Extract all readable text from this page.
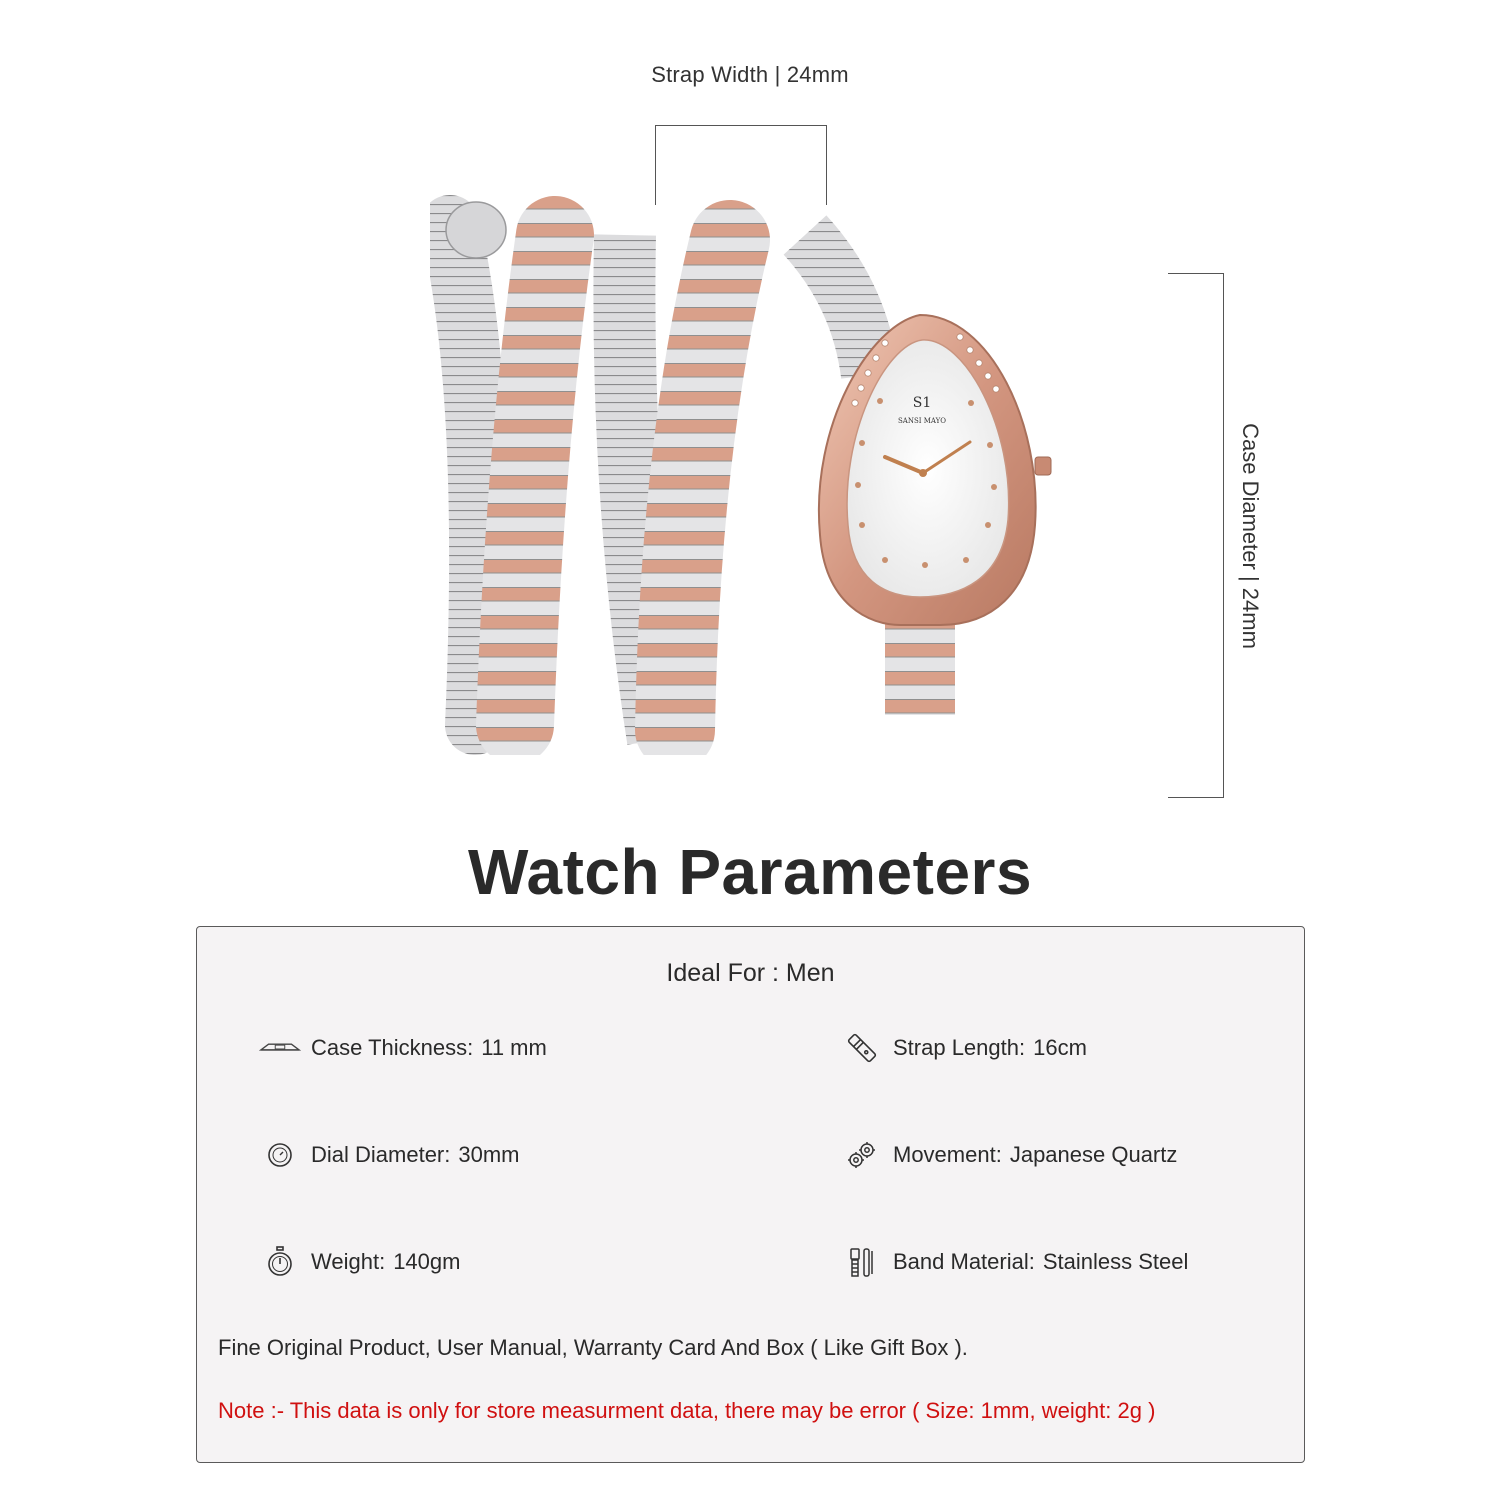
Strap Width | 24mm
Case Diameter | 24mm
S1
SANSI MAYO
Watch Parameters
Ideal For : Men
Case Thickness: 11 mm	Strap Length: 16cm
Dial Diameter: 30mm	Movement: Japanese Quartz
Weight: 140gm	Band Material: Stainless Steel
Fine Original Product, User Manual, Warranty Card And Box ( Like Gift Box ).
Note :- This data is only for store measurment data, there may be error ( Size: 1mm, weight: 2g )
